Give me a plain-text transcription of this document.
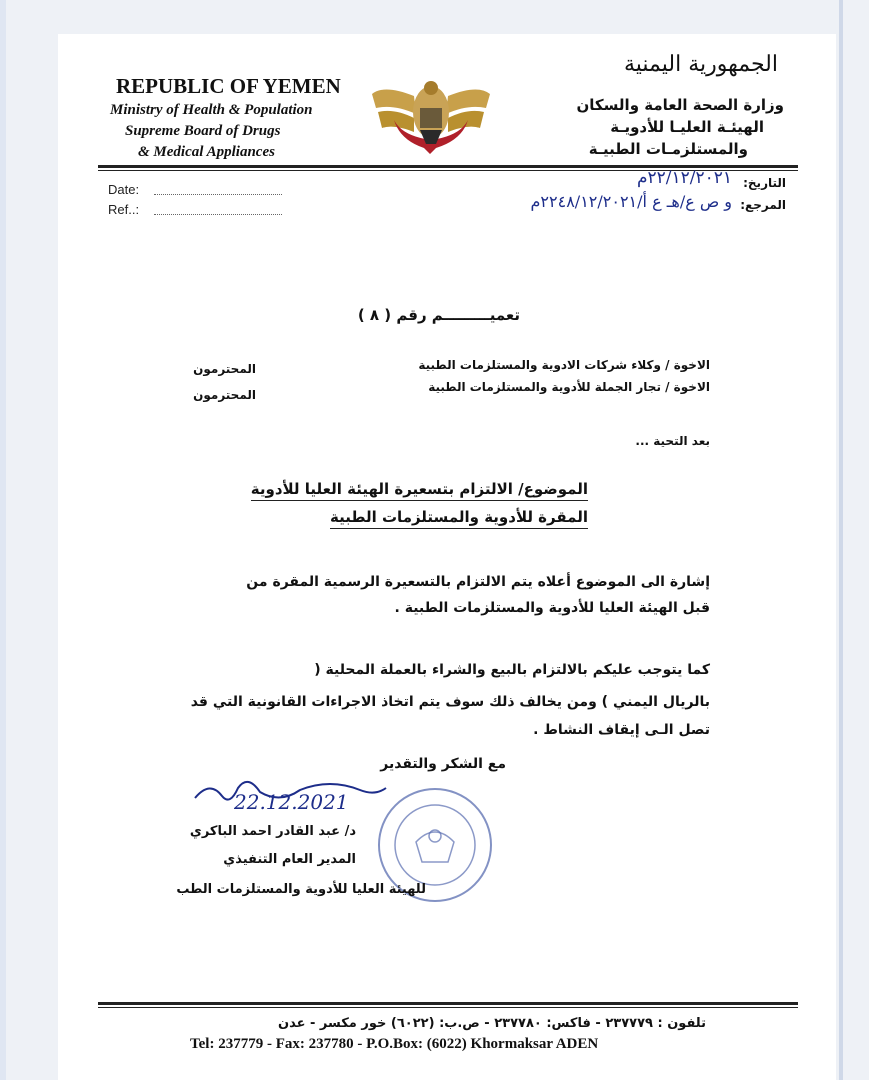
REPUBLIC OF YEMEN
Ministry of Health & Population
Supreme Board of Drugs
& Medical Appliances
الجمهورية اليمنية
وزارة الصحة العامة والسكان
الهيئـة العليـا للأدويـة
والمستلزمـات الطبيـة
Date:
Ref..:
التاريخ:
٢٢/١٢/٢٠٢١م
المرجع:
و ص ع/هـ ع أ/٢٢٤٨/١٢/٢٠٢١م
تعميـــــــــم رقم ( ٨ )
الاخوة / وكلاء شركات الادوية والمستلزمات الطبية
المحترمون
الاخوة / تجار الجملة للأدوية والمستلزمات الطبية
المحترمون
بعد التحية ...
الموضوع/ الالتزام بتسعيرة الهيئة العليا للأدوية
المقرة للأدوية والمستلزمات الطبية
إشارة الى الموضوع أعلاه يتم الالتزام بالتسعيرة الرسمية المقرة من
قبل الهيئة العليا للأدوية والمستلزمات الطبية .
كما يتوجب عليكم بالالتزام بالبيع والشراء بالعملة المحلية (
بالريال اليمني ) ومن يخالف ذلك سوف يتم اتخاذ الاجراءات القانونية التي قد
تصل الـى إيقاف النشاط .
مع الشكر والتقدير
22.12.2021
د/ عبد القادر احمد الباكري
المدير العام التنفيذي
للهيئة العليا للأدوية والمستلزمات الطب
تلفون : ٢٣٧٧٧٩ - فاكس: ٢٣٧٧٨٠ - ص.ب: (٦٠٢٢) خور مكسر - عدن
Tel: 237779 - Fax: 237780 - P.O.Box: (6022) Khormaksar ADEN
